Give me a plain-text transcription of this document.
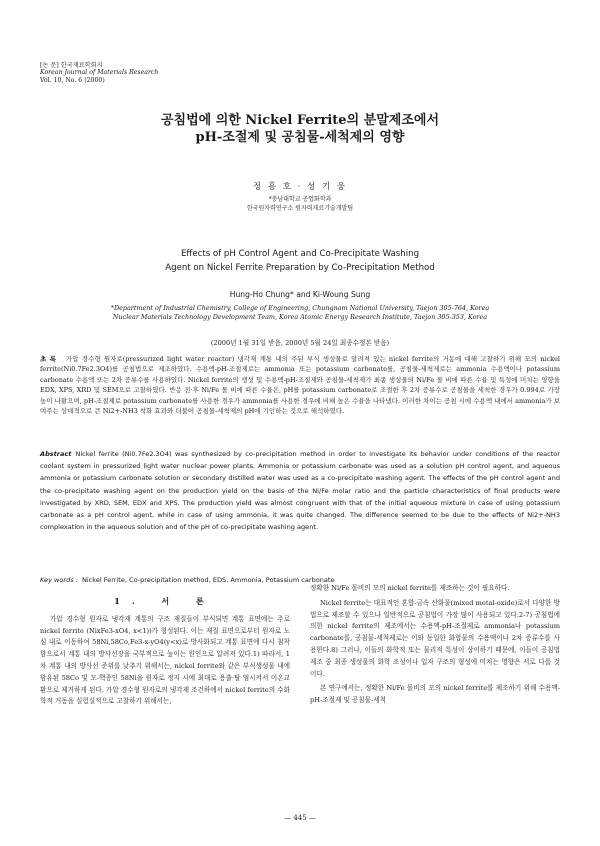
[논 문] 한국재료학회지
Korean Journal of Materials Research
Vol. 10, No. 6 (2000)
공침법에 의한 Nickel Ferrite의 분말제조에서
pH-조절제 및 공침물-세척제의 영향
정 흥 호 · 성 기 웅
*충남대학교 공업화학과
한국원자력연구소 원자력재료기술개발팀
Effects of pH Control Agent and Co-Precipitate Washing
Agent on Nickel Ferrite Preparation by Co-Precipitation Method
Hung-Ho Chung* and Ki-Woung Sung
*Department of Industrial Chemistry, College of Engineering, Chungnam National University, Taejon 305-764, Korea
Nuclear Materials Technology Development Team, Korea Atomic Energy Research Institute, Taejon 305-353, Korea
(2000년 1월 31일 받음, 2000년 5월 24일 최종수정본 받음)
초 록 가압 경수형 원자로(pressurized light water reactor) 냉각재 계통 내의 주된 부식 생성물로 알려져 있는 nickel ferrite의 거동에 대해 고찰하기 위해 모의 nickel ferrite(Ni0.7Fe2.3O4)를 공침법으로 제조하였다. 수용액-pH-조절제로는 ammonia 또는 potassium carbonate를, 공침물-세척제로는 ammonia 수용액이나 potassium carbonate 수용액 또는 2차 증류수를 사용하였다. Nickel ferrite의 생성 및 수용액-pH-조절제와 공침물-세척제가 최종 생성물의 Ni/Fe 몰 비에 따른 수율 및 특성에 미치는 영향을 EDX, XPS, XRD 및 SEM으로 고찰하였다. 반응 전·후 Ni/Fe 몰 비에 따른 수율은, pH를 potassium carbonate로 조절한 후 2차 증류수로 공침물을 세척한 경우가 0.994로 가장 높이 나왔으며, pH-조절제로 potassium carbonate를 사용한 경우가 ammonia를 사용한 경우에 비해 높은 수율을 나타냈다. 이러한 차이는 공침 시에 수용액 내에서 ammonia가 보여주는 상대적으로 큰 Ni2+-NH3 착화 효과와 더불어 공침물-세척제의 pH에 기인하는 것으로 해석하였다.
Abstract Nickel ferrite (Ni0.7Fe2.3O4) was synthesized by co-precipitation method in order to investigate its behavior under conditions of the reactor coolant system in pressurized light water nuclear power plants. Ammonia or potassium carbonate was used as a solution pH control agent, and aqueous ammonia or potassium carbonate solution or secondary distilled water was used as a co-precipitate washing agent. The effects of the pH control agent and the co-precipitate washing agent on the production yield on the basis of the Ni/Fe molar ratio and the particle characteristics of final products were investigated by XRD, SEM, EDX and XPS. The production yield was almost congruent with that of the initial aqueous mixture in case of using potassium carbonate as a pH control agent, while in case of using ammonia, it was quite changed. The difference seemed to be due to the effects of Ni2+-NH3 complexation in the aqueous solution and of the pH of co-precipitate washing agent.
Key words : Nickel Ferrite, Co-precipitation method, EDS, Ammonia, Potassium carbonate
1. 서 론

가압 경수형 원자로 냉각재 계통의 구조 재질들이 부식되면 계통 표면에는 주로 nickel ferrite (NixFe3-xO4, x<1))가 형성된다. 이는 재질 표면으로부터 원자로 노심 내로 이동하여 58Ni,58Co,Fe3-x-yO4(y<x)로 방사화되고 계통 표면에 다시 침착함으로서 계통 내의 방사선장을 국부적으로 높이는 원인으로 알려져 있다.1) 따라서, 1차 계통 내의 방사선 준위를 낮추기 위해서는, nickel ferrite와 같은 부식생성물 내에 함유된 58Co 및 모-핵종인 58Ni을 원자로 정지 시에 최대로 용출·탈 염시켜서 이온교환으로 제거하게 된다. 가압 경수형 원자로의 냉각재 조건하에서 nickel ferrite의 수화학적 거동을 실험실적으로 고찰하기 위해서는,

정확한 Ni/Fe 몰비의 모의 nickel ferrite를 제조하는 것이 필요하다.

Nickel ferrite는 대표적인 혼합-금속 산화물(mixed metal-oxide)로서 다양한 방법으로 제조할 수 있으나 일반적으로 공침법이 가장 많이 사용되고 있다.2-7) 공침법에 의한 nickel ferrite의 제조에서는 수용액-pH-조절제로 ammonia나 potassium carbonate를, 공침물-세척제로는 이와 동일한 화합물의 수용액이나 2차 증류수를 사용한다.8) 그러나, 이들의 화학적 또는 물리적 특성이 상이하기 때문에, 이들이 공침법 제조 중 최종 생성물의 화학 조성이나 입자 구조의 형성에 미치는 영향은 서로 다를 것이다.

본 연구에서는, 정확한 Ni/Fe 몰비의 모의 nickel ferrite를 제조하기 위해 수용액-pH-조절제 및 공침물-세척

— 445 —
